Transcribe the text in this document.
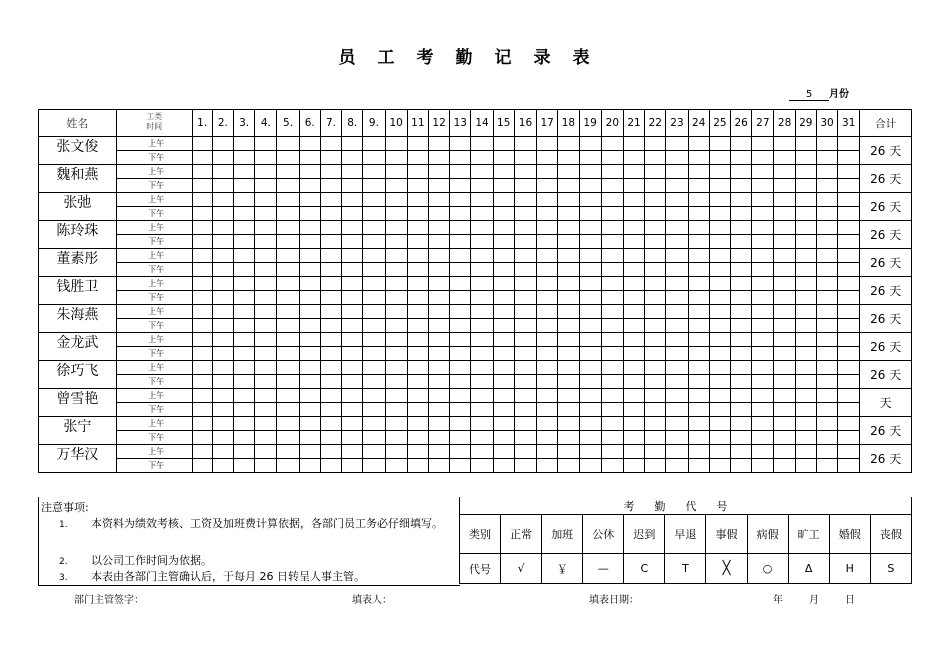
员工考勤记录表
5 月份
姓名	工类
时间	1.	2.	3.	4.	5.	6.	7.	8.	9.	10	11	12	13	14	15	16	17	18	19	20	21	22	23	24	25	26	27	28	29	30	31	合计
张文俊	上午																																26 天
	下午																																
魏和燕	上午																																26 天
	下午																																
张弛	上午																																26 天
	下午																																
陈玲珠	上午																																26 天
	下午																																
董素彤	上午																																26 天
	下午																																
钱胜卫	上午																																26 天
	下午																																
朱海燕	上午																																26 天
	下午																																
金龙武	上午																																26 天
	下午																																
徐巧飞	上午																																26 天
	下午																																
曾雪艳	上午																																天
	下午																																
张宁	上午																																26 天
	下午																																
万华汉	上午																																26 天
	下午																																
注意事项:
1. 本资料为绩效考核、工资及加班费计算依据，各部门员工务必仔细填写。
2. 以公司工作时间为依据。
3. 本表由各部门主管确认后，于每月 26 日转呈人事主管。
考勤代号										
类别	正常	加班	公休	迟到	早退	事假	病假	旷工	婚假	丧假
代号	√	￥	—	C	T	╳	○	Δ	H	S
部门主管签字：	填表人：	填表日期：	年	月	日
